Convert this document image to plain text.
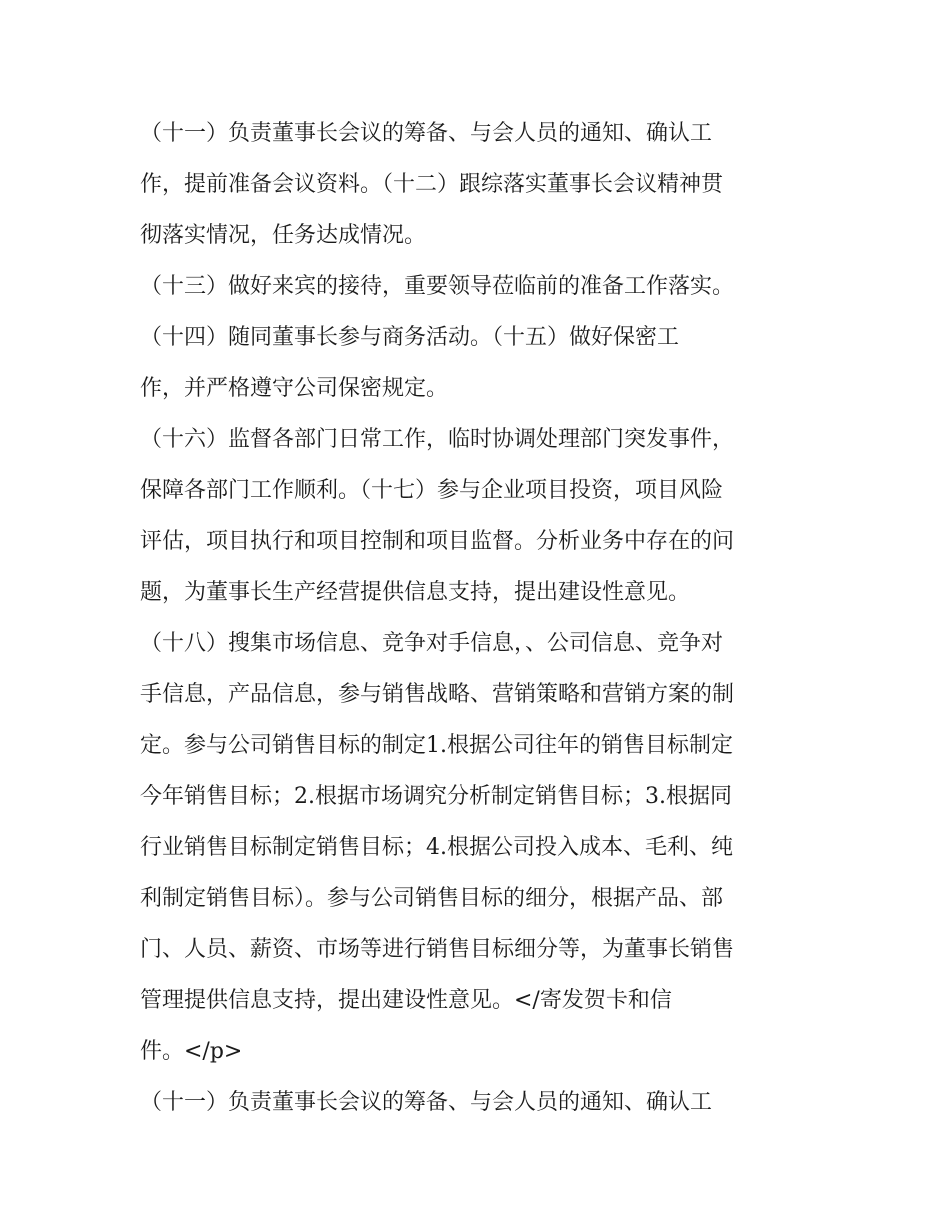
（十一）负责董事长会议的筹备、与会人员的通知、确认工
作，提前准备会议资料。（十二）跟综落实董事长会议精神贯
彻落实情况，任务达成情况。
（十三）做好来宾的接待，重要领导莅临前的准备工作落实。
（十四）随同董事长参与商务活动。（十五）做好保密工
作，并严格遵守公司保密规定。
（十六）监督各部门日常工作，临时协调处理部门突发事件，
保障各部门工作顺利。（十七）参与企业项目投资，项目风险
评估，项目执行和项目控制和项目监督。分析业务中存在的问
题，为董事长生产经营提供信息支持，提出建设性意见。
（十八）搜集市场信息、竞争对手信息，、公司信息、竞争对
手信息，产品信息，参与销售战略、营销策略和营销方案的制
定。参与公司销售目标的制定1.根据公司往年的销售目标制定
今年销售目标；2.根据市场调究分析制定销售目标；3.根据同
行业销售目标制定销售目标；4.根据公司投入成本、毛利、纯
利制定销售目标）。参与公司销售目标的细分，根据产品、部
门、人员、薪资、市场等进行销售目标细分等，为董事长销售
管理提供信息支持，提出建设性意见。</寄发贺卡和信
件。</p>
（十一）负责董事长会议的筹备、与会人员的通知、确认工
